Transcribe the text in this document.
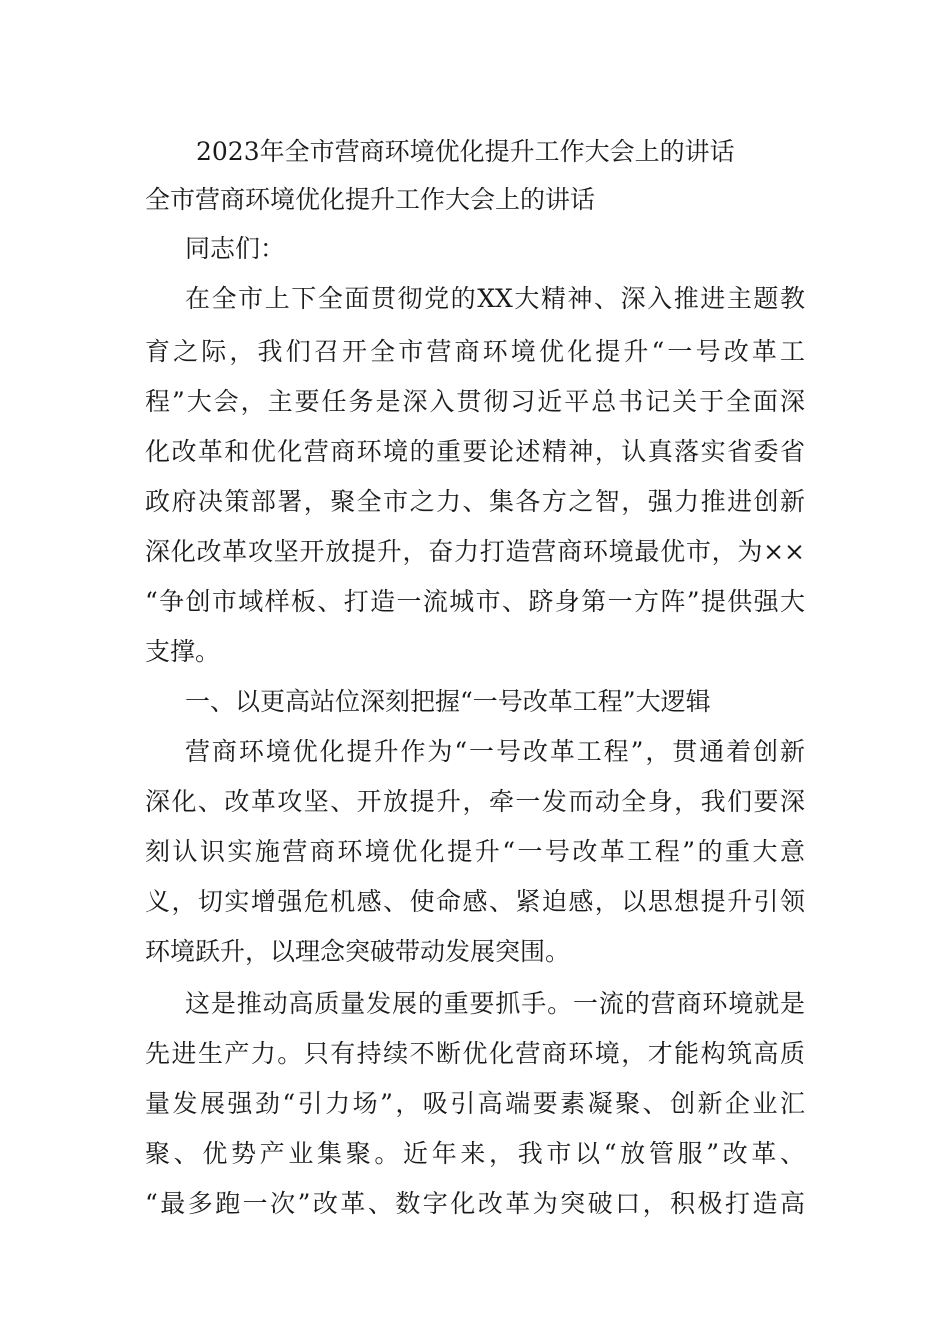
2023年全市营商环境优化提升工作大会上的讲话
全市营商环境优化提升工作大会上的讲话
同志们：
在全市上下全面贯彻党的XX大精神、深入推进主题教
育之际，我们召开全市营商环境优化提升“一号改革工
程”大会，主要任务是深入贯彻习近平总书记关于全面深
化改革和优化营商环境的重要论述精神，认真落实省委省
政府决策部署，聚全市之力、集各方之智，强力推进创新
深化改革攻坚开放提升，奋力打造营商环境最优市，为××
“争创市域样板、打造一流城市、跻身第一方阵”提供强大
支撑。
一、以更高站位深刻把握“一号改革工程”大逻辑
营商环境优化提升作为“一号改革工程”，贯通着创新
深化、改革攻坚、开放提升，牵一发而动全身，我们要深
刻认识实施营商环境优化提升“一号改革工程”的重大意
义，切实增强危机感、使命感、紧迫感，以思想提升引领
环境跃升，以理念突破带动发展突围。
这是推动高质量发展的重要抓手。一流的营商环境就是
先进生产力。只有持续不断优化营商环境，才能构筑高质
量发展强劲“引力场”，吸引高端要素凝聚、创新企业汇
聚、优势产业集聚。近年来，我市以“放管服”改革、
“最多跑一次”改革、数字化改革为突破口，积极打造高
